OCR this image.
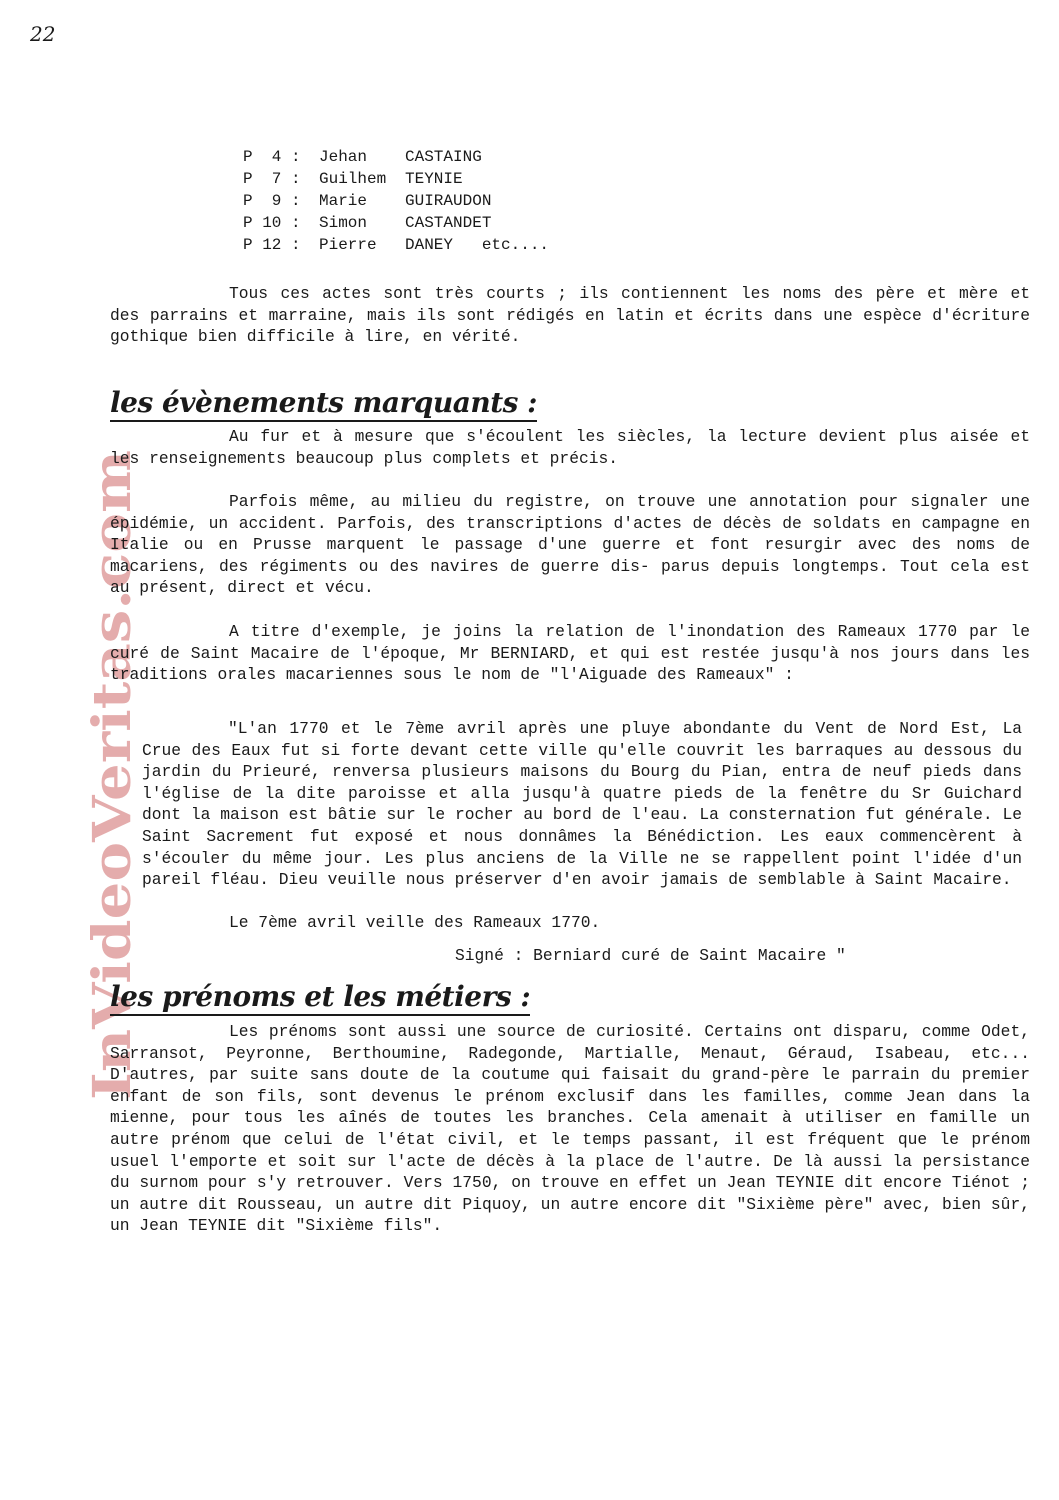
22
InVideoVeritas.com
P  4 :	Jehan	CASTAING
P  7 :	Guilhem	TEYNIE
P  9 :	Marie	GUIRAUDON
P 10 :	Simon	CASTANDET
P 12 :	Pierre	DANEY   etc....

Tous ces actes sont très courts ; ils contiennent les noms des père et mère et des parrains et marraine, mais ils sont rédigés en latin et écrits dans une espèce d'écriture gothique bien difficile à lire, en vérité.

les évènements marquants :

Au fur et à mesure que s'écoulent les siècles, la lecture devient plus aisée et les renseignements beaucoup plus complets et précis.

Parfois même, au milieu du registre, on trouve une annotation pour signaler une épidémie, un accident. Parfois, des transcriptions d'actes de décès de soldats en campagne en Italie ou en Prusse marquent le passage d'une guerre et font resurgir avec des noms de macariens, des régiments ou des navires de guerre dis- parus depuis longtemps. Tout cela est au présent, direct et vécu.

A titre d'exemple, je joins la relation de l'inondation des Rameaux 1770 par le curé de Saint Macaire de l'époque, Mr BERNIARD, et qui est restée jusqu'à nos jours dans les traditions orales macariennes sous le nom de "l'Aiguade des Rameaux" :

"L'an 1770 et le 7ème avril après une pluye abondante du Vent de Nord Est, La Crue des Eaux fut si forte devant cette ville qu'elle couvrit les barraques au dessous du jardin du Prieuré, renversa plusieurs maisons du Bourg du Pian, entra de neuf pieds dans l'église de la dite paroisse et alla jusqu'à quatre pieds de la fenêtre du Sr Guichard dont la maison est bâtie sur le rocher au bord de l'eau. La consternation fut générale. Le Saint Sacrement fut exposé et nous donnâmes la Bénédiction. Les eaux commencèrent à s'écouler du même jour. Les plus anciens de la Ville ne se rappellent point l'idée d'un pareil fléau. Dieu veuille nous préserver d'en avoir jamais de semblable à Saint Macaire.

Le 7ème avril veille des Rameaux 1770.
Signé : Berniard curé de Saint Macaire "
les prénoms et les métiers :

Les prénoms sont aussi une source de curiosité. Certains ont disparu, comme Odet, Sarransot, Peyronne, Berthoumine, Radegonde, Martialle, Menaut, Géraud, Isabeau, etc... D'autres, par suite sans doute de la coutume qui faisait du grand-père le parrain du premier enfant de son fils, sont devenus le prénom exclusif dans les familles, comme Jean dans la mienne, pour tous les aînés de toutes les branches. Cela amenait à utiliser en famille un autre prénom que celui de l'état civil, et le temps passant, il est fréquent que le prénom usuel l'emporte et soit sur l'acte de décès à la place de l'autre. De là aussi la persistance du surnom pour s'y retrouver. Vers 1750, on trouve en effet un Jean TEYNIE dit encore Tiénot ; un autre dit Rousseau, un autre dit Piquoy, un autre encore dit "Sixième père" avec, bien sûr, un Jean TEYNIE dit "Sixième fils".
